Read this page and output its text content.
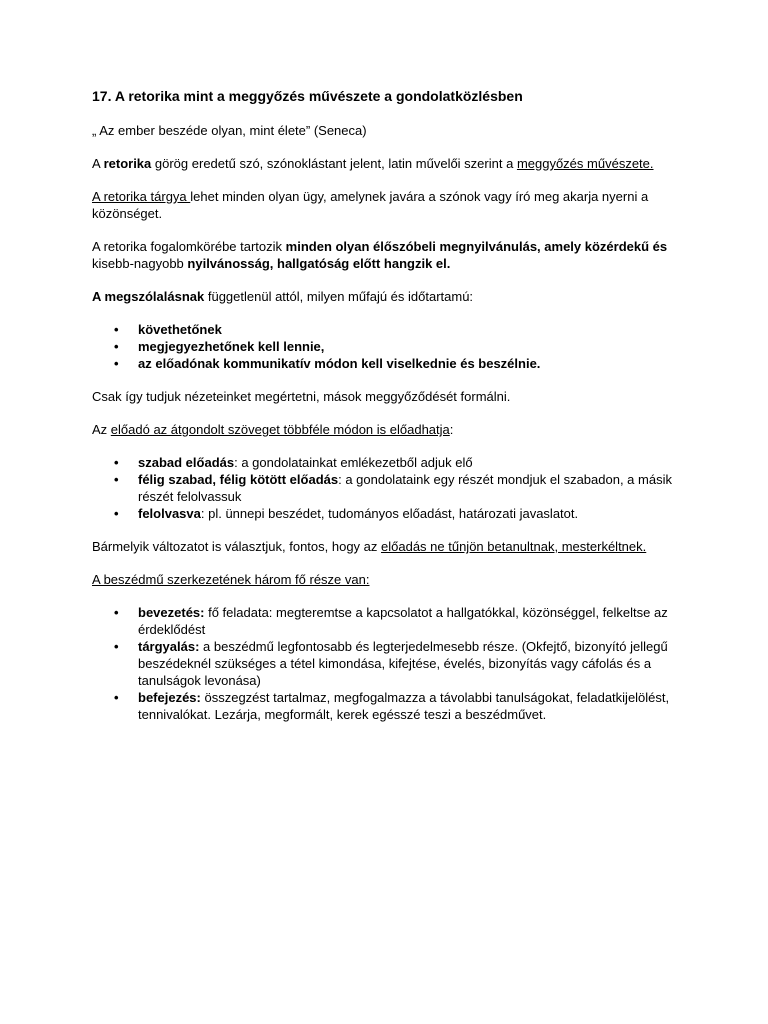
17. A retorika mint a meggyőzés művészete a gondolatközlésben

„ Az ember beszéde olyan, mint élete” (Seneca)

A retorika görög eredetű szó, szónoklástant jelent, latin művelői szerint a meggyőzés művészete.

A retorika tárgya lehet minden olyan ügy, amelynek javára a szónok vagy író meg akarja nyerni a közönséget.

A retorika fogalomkörébe tartozik minden olyan élőszóbeli megnyilvánulás, amely közérdekű és kisebb-nagyobb nyilvánosság, hallgatóság előtt hangzik el.

A megszólalásnak függetlenül attól, milyen műfajú és időtartamú:

• követhetőnek
• megjegyezhetőnek kell lennie,
• az előadónak kommunikatív módon kell viselkednie és beszélnie.

Csak így tudjuk nézeteinket megértetni, mások meggyőződését formálni.

Az előadó az átgondolt szöveget többféle módon is előadhatja:

• szabad előadás: a gondolatainkat emlékezetből adjuk elő
• félig szabad, félig kötött előadás: a gondolataink egy részét mondjuk el szabadon, a másik részét felolvassuk
• felolvasva: pl. ünnepi beszédet, tudományos előadást, határozati javaslatot.

Bármelyik változatot is választjuk, fontos, hogy az előadás ne tűnjön betanultnak, mesterkéltnek.

A beszédmű szerkezetének három fő része van:

• bevezetés: fő feladata: megteremtse a kapcsolatot a hallgatókkal, közönséggel, felkeltse az érdeklődést
• tárgyalás: a beszédmű legfontosabb és legterjedelmesebb része. (Okfejtő, bizonyító jellegű beszédeknél szükséges a tétel kimondása, kifejtése, évelés, bizonyítás vagy cáfolás és a tanulságok levonása)
• befejezés: összegzést tartalmaz, megfogalmazza a távolabbi tanulságokat, feladatkijelölést, tennivalókat. Lezárja, megformált, kerek egésszé teszi a beszédművet.
